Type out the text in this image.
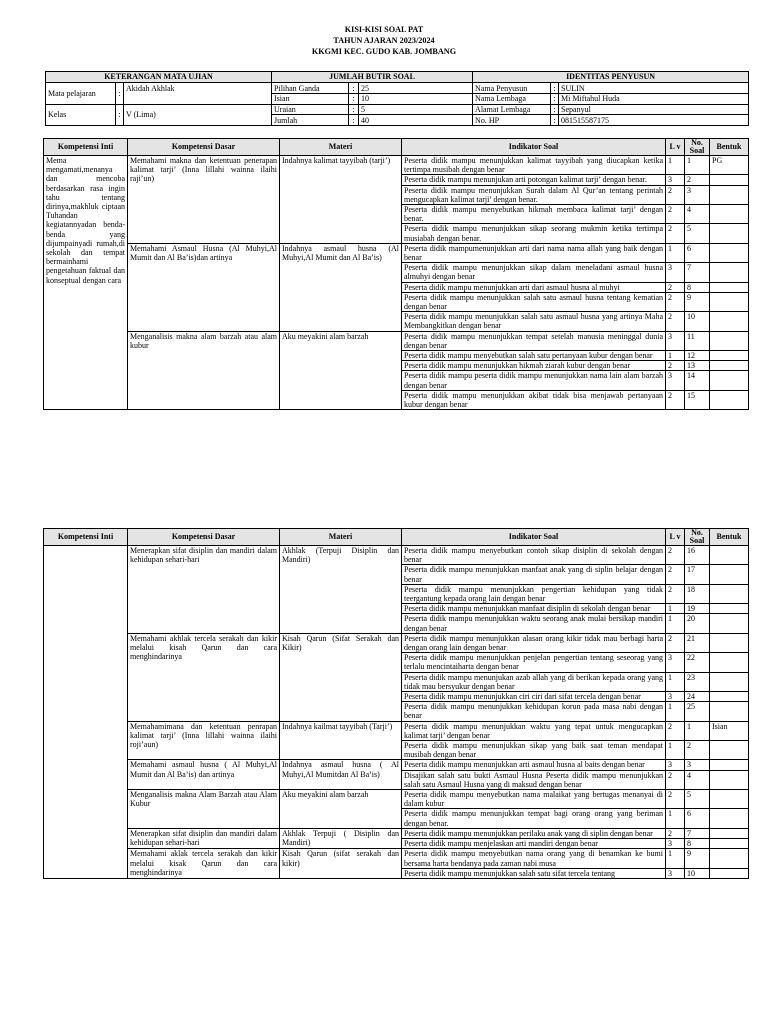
KISI-KISI SOAL PAT
TAHUN AJARAN 2023/2024
KKGMI KEC. GUDO KAB. JOMBANG
KETERANGAN MATA UJIAN			JUMLAH BUTIR SOAL			IDENTITAS PENYUSUN		
Mata pelajaran	:	Akidah Akhlak	Pilihan Ganda	:	25	Nama Penyusun	:	SULIN
			Isian	:	10	Nama Lembaga	:	Mi Miftahul Huda
Kelas	:	V (Lima)	Uraian	:	5	Alamat Lembaga	:	Sepanyul
			Jumlah	:	40	No. HP	:	081515587175
Kompetensi Inti	Kompetensi Dasar	Materi	Indikator Soal	L v	No. Soal	Bentuk
Mema mengamati,menanya dan mencoba berdasarkan rasa ingin tahu tentang dirinya,makhluk ciptaan Tuhandan kegiatannyadan benda-benda yang dijumpainyadi rumah,di sekolah dan tempat bermainhami pengetahuan faktual dan konseptual dengan cara	Memahami makna dan ketentuan penerapan kalimat tarji’ (Inna lillahi wainna ilaihi raji’un)	Indahnya kalimat tayyibah (tarji’)	Peserta didik mampu menunjukkan kalimat tayyibah yang diucapkan ketika tertimpa musibah dengan benar	1	1	PG
			Peserta didik mampu menunjukan arti potongan kalimat tarji’ dengan benar.	3	2	
			Peserta didik mampu menunjukkan Surah dalam Al Qur’an tentang perintah mengucapkan kalimat tarji’ dengan benar.	2	3	
			Peserta didik mampu menyebutkan hikmah membaca kalimat tarji’ dengan benar.	2	4	
			Peserta didik mampu menunjukkan sikap seorang mukmin ketika tertimpa musiabah dengan benar.	2	5	
	Memahami Asmaul Husna (Al Muhyi,Al Mumit dan Al Ba’is)dan artinya	Indahnya asmaul husna (Al Muhyi,Al Mumit dan Al Ba’is)	Peserta didik mampumenunjukkan arti dari nama nama allah yang baik dengan benar	1	6	
			Peserta didik mampu menunjukkan sikap dalam meneladani asmaul husna almuhyi dengan benar	3	7	
			Peserta didik mampu menunjukkan arti dari asmaul husna al muhyi	2	8	
			Peserta didik mampu menunjukkan salah satu asmaul husna tentang kematian dengan benar	2	9	
			Peserta didik mampu menunjukkan salah satu asmaul husna yang artinya Maha Membangkitkan dengan benar	2	10	
	Menganalisis makna alam barzah atau alam kubur	Aku meyakini alam barzah	Peserta didik mampu menunjukkan tempat setelah manusia meninggal dunia dengan benar	3	11	
			Peserta didik mampu menyebutkan salah satu pertanyaan kubur dengan benar	1	12	
			Peserta didik mampu menunjukkan hikmah ziarah kubur dengan benar	2	13	
			Peserta didik mampu peserta didik mampu menunjukkan nama lain alam barzah dengan benar	3	14	
			Peserta didik mampu menunjukkan akibat tidak bisa menjawab pertanyaan kubur dengan benar	2	15	
Kompetensi Inti	Kompetensi Dasar	Materi	Indikator Soal	L v	No. Soal	Bentuk
	Menerapkan sifat disiplin dan mandiri dalam kehidupan sehari-hari	Akhlak (Terpuji Disiplin dan Mandiri)	Peserta didik mampu menyebutkan contoh sikap disiplin di sekolah dengan benar	2	16	
			Peserta didik mampu menunjukkan manfaat anak yang di siplin belajar dengan benar	2	17	
			Peserta didik mampu menunjukkan pengertian kehidupan yang tidak teergantung kepada orang lain dengan benar	2	18	
			Peserta didik mampu menunjukkan manfaat disiplin di sekolah dengan benar	1	19	
			Peserta didik mampu menunjukkan waktu seorang anak mulai bersikap mandiri dengan benar	1	20	
	Memahami akhlak tercela serakah dan kikir melalui kisah Qarun dan cara menghindarinya	Kisah Qarun (Sifat Serakah dan Kikir)	Peserta didik mampu menunjukkan alasan orang kikir tidak mau berbagi harta dengan orang lain dengan benar	2	21	
			Peserta didik mampu menunjukkan penjelan pengertian tentang seseorag yang terlalu mencintaiharta dengan benar	3	22	
			Peserta didik mampu menunjukan azab allah yang di berikan kepada orang yang tidak mau bersyukur dengan benar	1	23	
			Peserta didik mampu menunjukkan ciri ciri dari sifat tercela dengan benar	3	24	
			Peserta didik mampu menunjukkan kehidupan korun pada masa nabi dengan benar	1	25	
	Memahamimana dan ketentuan penrapan kalimat tarji’ (Inna lillahi wainna ilaihi roji’aun)	Indahnya kailmat tayyibah (Tarji’)	Peserta didik mampu menunjukkan waktu yang tepat untuk mengucapkan kalimat tarji’ dengan benar	2	1	Isian
			Peserta didik mampu menunjukkan sikap yang baik saat teman mendapat musibah dengan benar	1	2	
	Memahami asmaul husna ( Al Muhyi,Al Mumit dan Al Ba’is) dan artinya	Indahnya asmaul husna ( Al Muhyi,Al Mumitdan Al Ba’is)	Peserta didik mampu menunjukkan arti asmaul husna al baits dengan benar	3	3	
			Disajikan salah satu bukti Asmaul Husna Peserta didik mampu menunjukkan salah satu Asmaul Husna yang di maksud dengan benar	2	4	
	Menganalisis makna Alam Barzah atau Alam Kubur	Aku meyakini alam barzah	Peserta didik mampu menyebutkan nama malaikat yang bertugas menanyai di dalam kubur	2	5	
			Peserta didik mampu menunjukkan tempat bagi orang orang yang beriman dengan benar.	1	6	
	Menerapkan sifat disiplin dan mandiri dalam kehidupan sehari-hari	Akhlak Terpuji ( Disiplin dan Mandiri)	Peserta didik mampu menunjukkan perilaku anak yang di siplin dengan benar	2	7	
			Peserta didik mampu menjelaskan arti mandiri dengan benar	3	8	
	Memahami aklak tercela serakah dan kikir melalui kisak Qarun dan cara menghindarinya	Kisah Qarun (sifat serakah dan kikir)	Peserta didik mampu menyebutkan nama orang yang di benamkan ke bumi bersama harta bendanya pada zaman nabi musa	1	9	
			Peserta didik mampu menunjukkan salah satu sifat tercela tentang	3	10	
